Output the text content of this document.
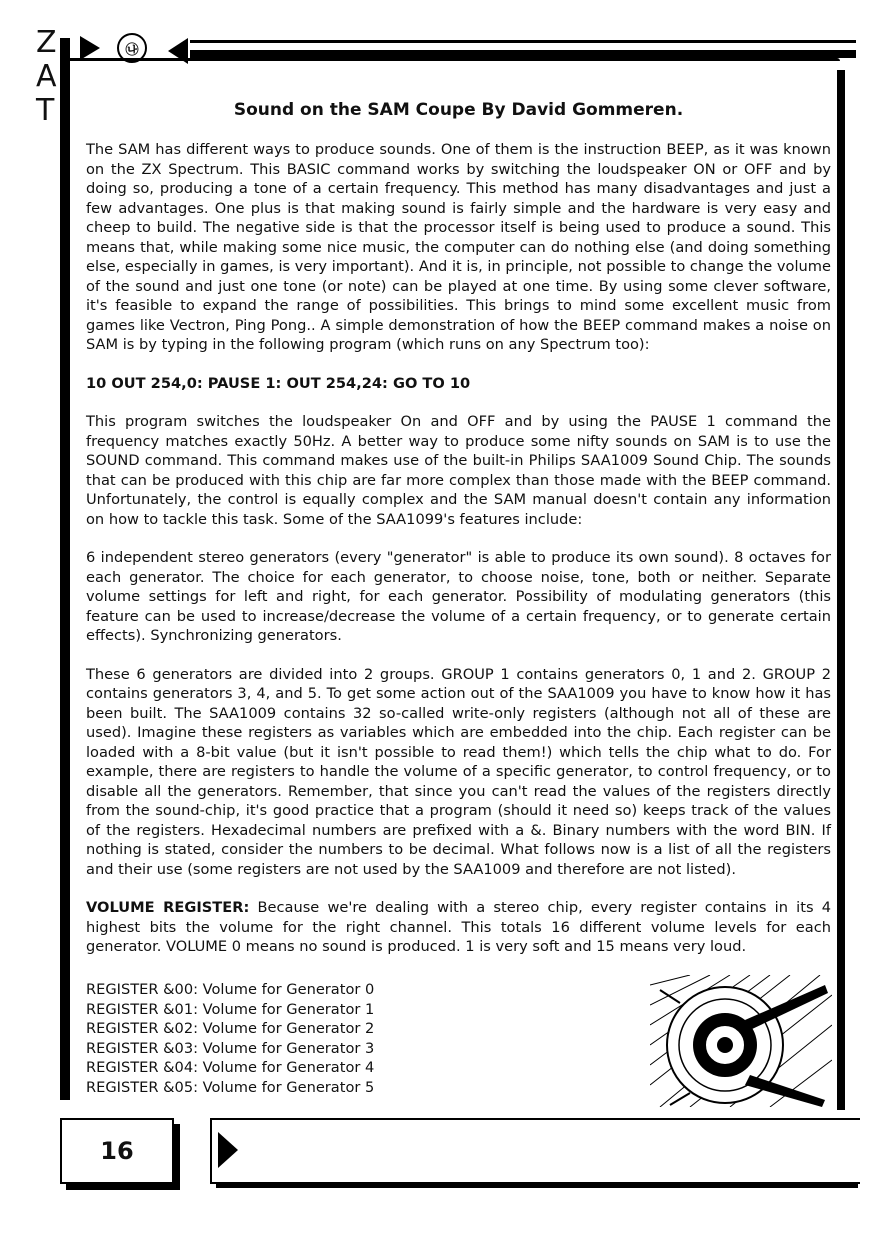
Z
A
T
㉯
Sound on the SAM Coupe By David Gommeren.

The SAM has different ways to produce sounds. One of them is the instruction BEEP, as it was known on the ZX Spectrum. This BASIC command works by switching the loudspeaker ON or OFF and by doing so, producing a tone of a certain frequency. This method has many disadvantages and just a few advantages. One plus is that making sound is fairly simple and the hardware is very easy and cheep to build. The negative side is that the processor itself is being used to produce a sound. This means that, while making some nice music, the computer can do nothing else (and doing something else, especially in games, is very important). And it is, in principle, not possible to change the volume of the sound and just one tone (or note) can be played at one time. By using some clever software, it's feasible to expand the range of possibilities. This brings to mind some excellent music from games like Vectron, Ping Pong.. A simple demonstration of how the BEEP command makes a noise on SAM is by typing in the following program (which runs on any Spectrum too):

10 OUT 254,0: PAUSE 1: OUT 254,24: GO TO 10

This program switches the loudspeaker On and OFF and by using the PAUSE 1 command the frequency matches exactly 50Hz. A better way to produce some nifty sounds on SAM is to use the SOUND command. This command makes use of the built-in Philips SAA1009 Sound Chip. The sounds that can be produced with this chip are far more complex than those made with the BEEP command. Unfortunately, the control is equally complex and the SAM manual doesn't contain any information on how to tackle this task. Some of the SAA1099's features include:

6 independent stereo generators (every "generator" is able to produce its own sound). 8 octaves for each generator. The choice for each generator, to choose noise, tone, both or neither. Separate volume settings for left and right, for each generator. Possibility of modulating generators (this feature can be used to increase/decrease the volume of a certain frequency, or to generate certain effects). Synchronizing generators.

These 6 generators are divided into 2 groups. GROUP 1 contains generators 0, 1 and 2. GROUP 2 contains generators 3, 4, and 5. To get some action out of the SAA1009 you have to know how it has been built. The SAA1009 contains 32 so-called write-only registers (although not all of these are used). Imagine these registers as variables which are embedded into the chip. Each register can be loaded with a 8-bit value (but it isn't possible to read them!) which tells the chip what to do. For example, there are registers to handle the volume of a specific generator, to control frequency, or to disable all the generators. Remember, that since you can't read the values of the registers directly from the sound-chip, it's good practice that a program (should it need so) keeps track of the values of the registers. Hexadecimal numbers are prefixed with a &. Binary numbers with the word BIN. If nothing is stated, consider the numbers to be decimal. What follows now is a list of all the registers and their use (some registers are not used by the SAA1009 and therefore are not listed).

VOLUME REGISTER: Because we're dealing with a stereo chip, every register contains in its 4 highest bits the volume for the right channel. This totals 16 different volume levels for each generator. VOLUME 0 means no sound is produced. 1 is very soft and 15 means very loud.

REGISTER &00: Volume for Generator 0
REGISTER &01: Volume for Generator 1
REGISTER &02: Volume for Generator 2
REGISTER &03: Volume for Generator 3
REGISTER &04: Volume for Generator 4
REGISTER &05: Volume for Generator 5
16
